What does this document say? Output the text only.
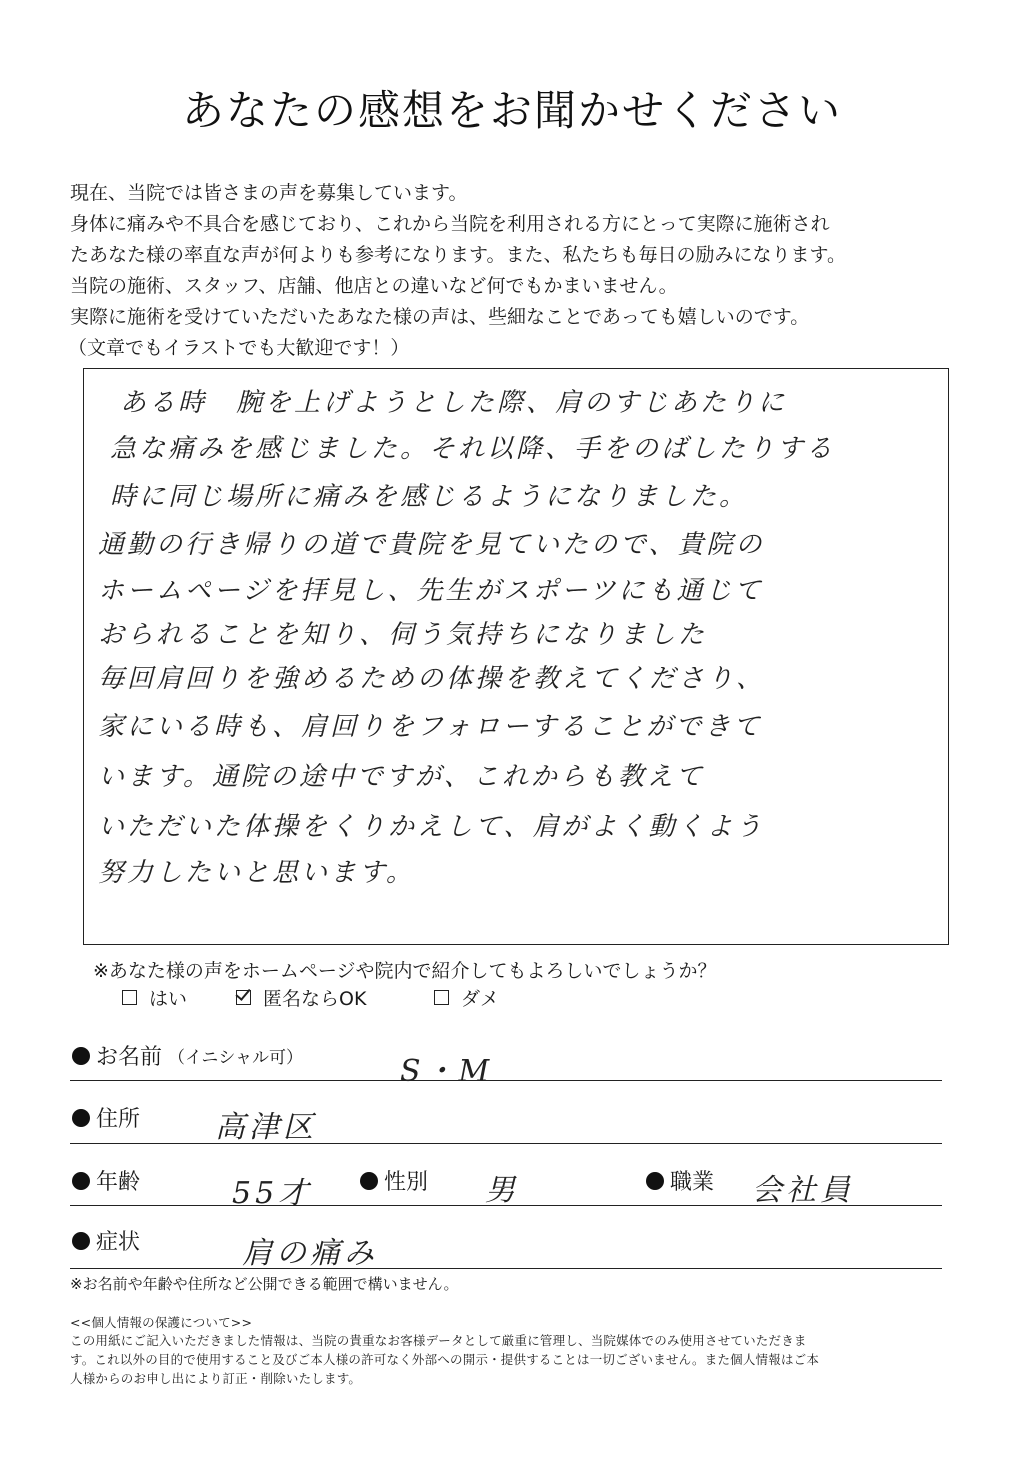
あなたの感想をお聞かせください
現在、当院では皆さまの声を募集しています。
身体に痛みや不具合を感じており、これから当院を利用される方にとって実際に施術され
たあなた様の率直な声が何よりも参考になります。また、私たちも毎日の励みになります。
当院の施術、スタッフ、店舗、他店との違いなど何でもかまいません。
実際に施術を受けていただいたあなた様の声は、些細なことであっても嬉しいのです。
（文章でもイラストでも大歓迎です！）
ある時　腕を上げようとした際、肩のすじあたりに
急な痛みを感じました。それ以降、手をのばしたりする
時に同じ場所に痛みを感じるようになりました。
通勤の行き帰りの道で貴院を見ていたので、貴院の
ホームページを拝見し、先生がスポーツにも通じて
おられることを知り、伺う気持ちになりました
毎回肩回りを強めるための体操を教えてくださり、
家にいる時も、肩回りをフォローすることができて
います。通院の途中ですが、これからも教えて
いただいた体操をくりかえして、肩がよく動くよう
努力したいと思います。
※あなた様の声をホームページや院内で紹介してもよろしいでしょうか？
はい	匿名ならOK	ダメ
お名前 （イニシャル可）	S・M
住所 高津区
年齢	55才	性別 男	職業 会社員
症状	肩の痛み
※お名前や年齢や住所など公開できる範囲で構いません。
<<個人情報の保護について>>
この用紙にご記入いただきました情報は、当院の貴重なお客様データとして厳重に管理し、当院媒体でのみ使用させていただきま
す。これ以外の目的で使用すること及びご本人様の許可なく外部への開示・提供することは一切ございません。また個人情報はご本
人様からのお申し出により訂正・削除いたします。
